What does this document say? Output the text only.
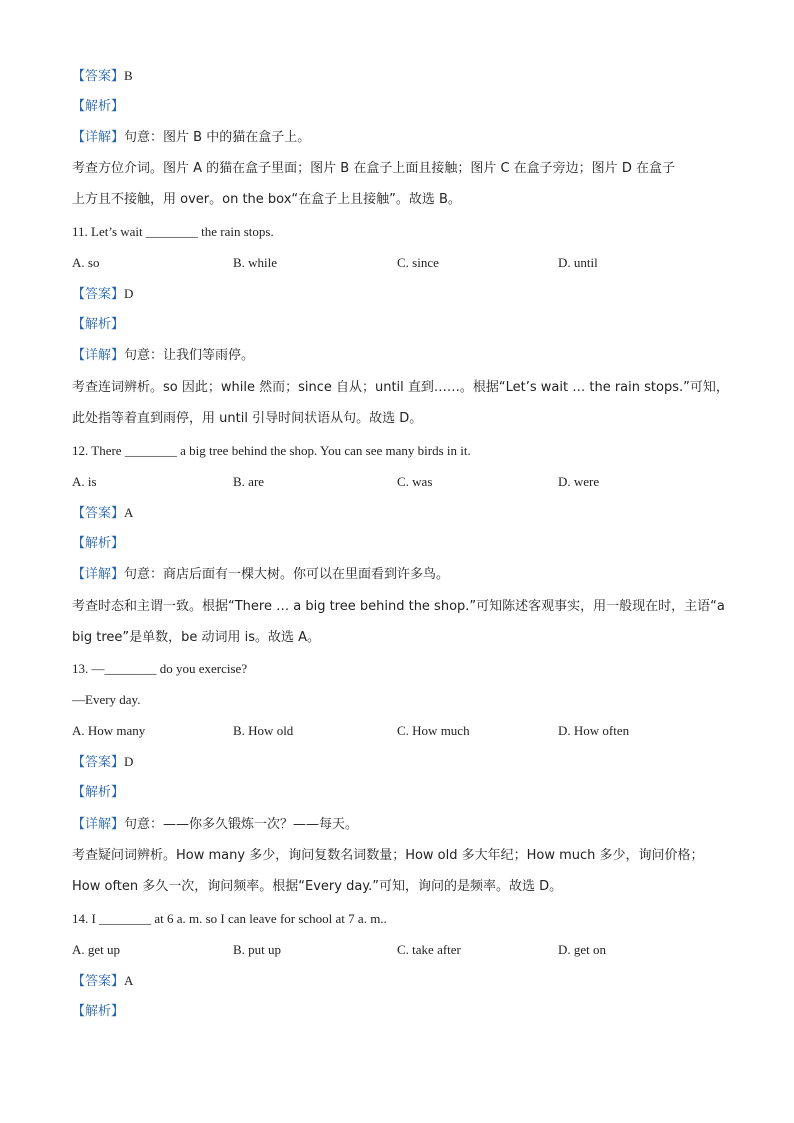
【答案】B
【解析】
【详解】句意：图片 B 中的猫在盒子上。
考查方位介词。图片 A 的猫在盒子里面；图片 B 在盒子上面且接触；图片 C 在盒子旁边；图片 D 在盒子
上方且不接触，用 over。on the box“在盒子上且接触”。故选 B。
11. Let’s wait ________ the rain stops.
A. so	B. while	C. since	D. until
【答案】D
【解析】
【详解】句意：让我们等雨停。
考查连词辨析。so 因此；while 然而；since 自从；until 直到……。根据“Let’s wait … the rain stops.”可知，
此处指等着直到雨停，用 until 引导时间状语从句。故选 D。
12. There ________ a big tree behind the shop. You can see many birds in it.
A. is	B. are	C. was	D. were
【答案】A
【解析】
【详解】句意：商店后面有一棵大树。你可以在里面看到许多鸟。
考查时态和主谓一致。根据“There … a big tree behind the shop.”可知陈述客观事实，用一般现在时，主语“a
big tree”是单数，be 动词用 is。故选 A。
13. —________ do you exercise?
—Every day.
A. How many	B. How old	C. How much	D. How often
【答案】D
【解析】
【详解】句意：——你多久锻炼一次？——每天。
考查疑问词辨析。How many 多少，询问复数名词数量；How old 多大年纪；How much 多少，询问价格；
How often 多久一次，询问频率。根据“Every day.”可知，询问的是频率。故选 D。
14. I ________ at 6 a. m. so I can leave for school at 7 a. m..
A. get up	B. put up	C. take after	D. get on
【答案】A
【解析】
